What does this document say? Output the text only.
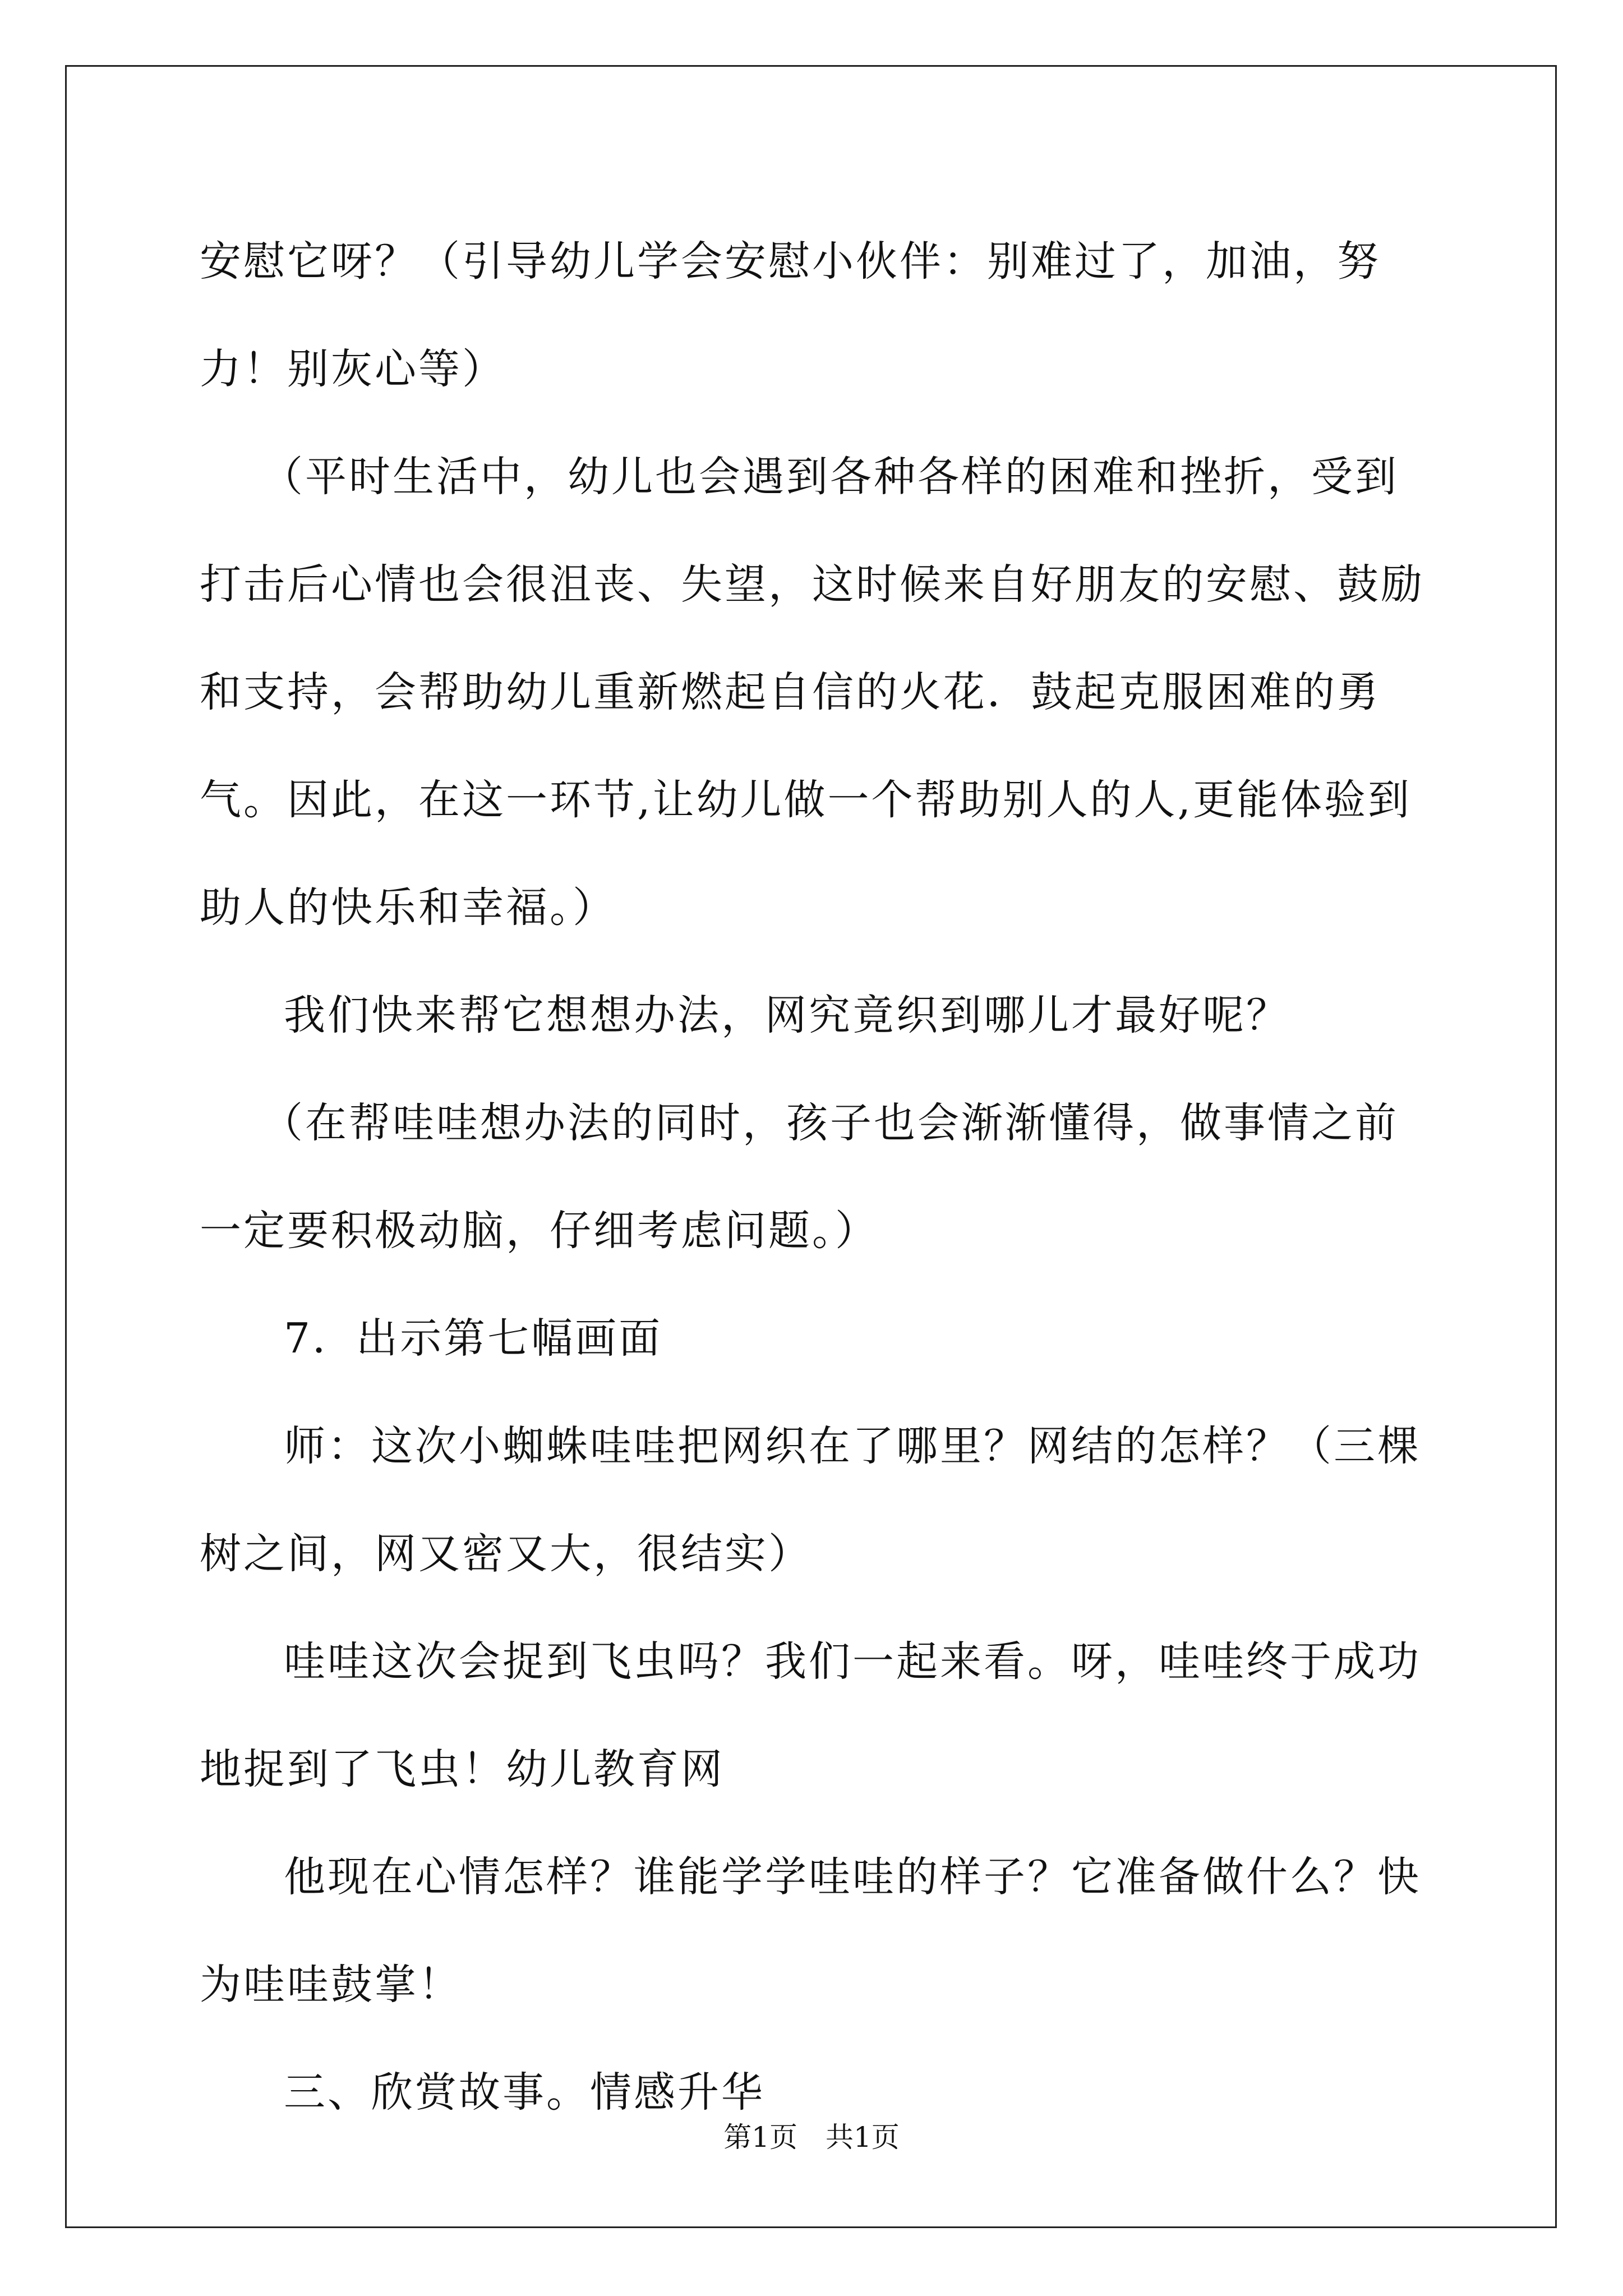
安慰它呀？（引导幼儿学会安慰小伙伴：别难过了，加油，努力！别灰心等）

（平时生活中，幼儿也会遇到各种各样的困难和挫折，受到打击后心情也会很沮丧、失望，这时候来自好朋友的安慰、鼓励和支持，会帮助幼儿重新燃起自信的火花．鼓起克服困难的勇气。因此，在这一环节,让幼儿做一个帮助别人的人,更能体验到助人的快乐和幸福。）

我们快来帮它想想办法，网究竟织到哪儿才最好呢？

（在帮哇哇想办法的同时，孩子也会渐渐懂得，做事情之前一定要积极动脑，仔细考虑问题。）

7．出示第七幅画面

师：这次小蜘蛛哇哇把网织在了哪里？网结的怎样？（三棵树之间，网又密又大，很结实）

哇哇这次会捉到飞虫吗？我们一起来看。呀，哇哇终于成功地捉到了飞虫！幼儿教育网

他现在心情怎样？谁能学学哇哇的样子？它准备做什么？快为哇哇鼓掌！

三、欣赏故事。情感升华

第1页　共1页
